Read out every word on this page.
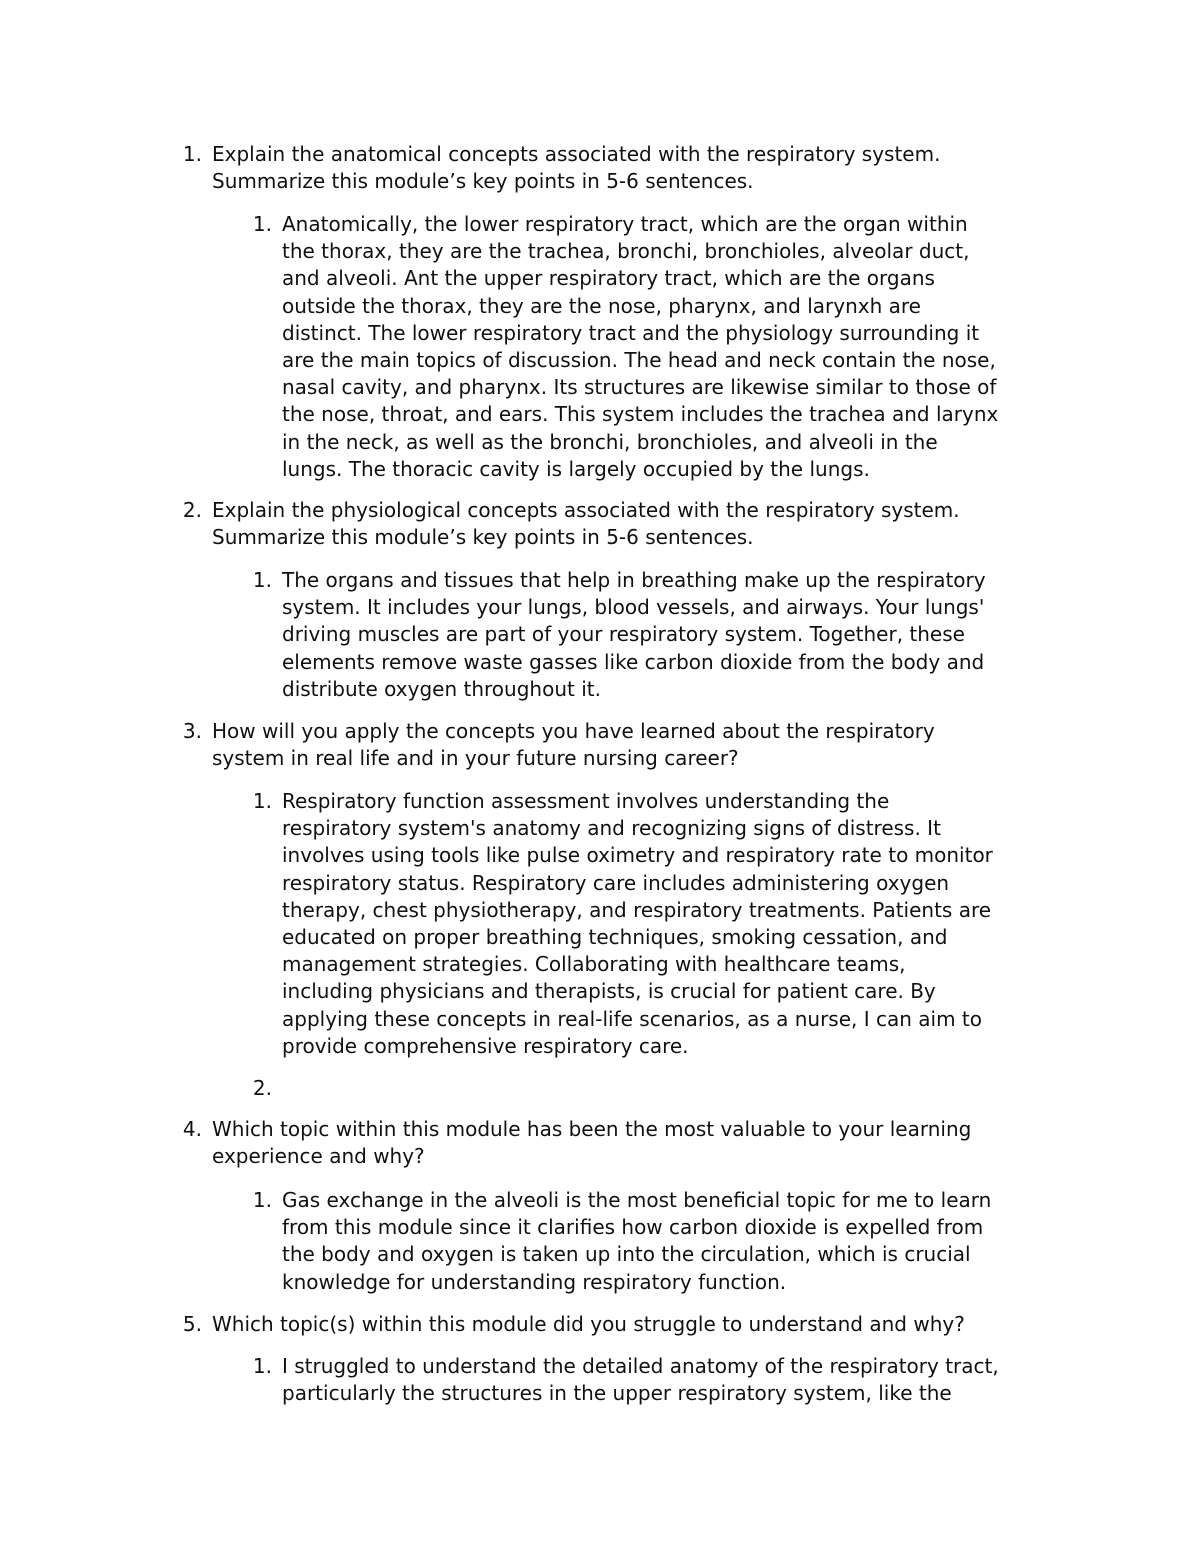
1. Explain the anatomical concepts associated with the respiratory system.
Summarize this module’s key points in 5-6 sentences.
1. Anatomically, the lower respiratory tract, which are the organ within
the thorax, they are the trachea, bronchi, bronchioles, alveolar duct,
and alveoli. Ant the upper respiratory tract, which are the organs
outside the thorax, they are the nose, pharynx, and larynxh are
distinct. The lower respiratory tract and the physiology surrounding it
are the main topics of discussion. The head and neck contain the nose,
nasal cavity, and pharynx. Its structures are likewise similar to those of
the nose, throat, and ears. This system includes the trachea and larynx
in the neck, as well as the bronchi, bronchioles, and alveoli in the
lungs. The thoracic cavity is largely occupied by the lungs.
2. Explain the physiological concepts associated with the respiratory system.
Summarize this module’s key points in 5-6 sentences.
1. The organs and tissues that help in breathing make up the respiratory
system. It includes your lungs, blood vessels, and airways. Your lungs'
driving muscles are part of your respiratory system. Together, these
elements remove waste gasses like carbon dioxide from the body and
distribute oxygen throughout it.
3. How will you apply the concepts you have learned about the respiratory
system in real life and in your future nursing career?
1. Respiratory function assessment involves understanding the
respiratory system's anatomy and recognizing signs of distress. It
involves using tools like pulse oximetry and respiratory rate to monitor
respiratory status. Respiratory care includes administering oxygen
therapy, chest physiotherapy, and respiratory treatments. Patients are
educated on proper breathing techniques, smoking cessation, and
management strategies. Collaborating with healthcare teams,
including physicians and therapists, is crucial for patient care. By
applying these concepts in real-life scenarios, as a nurse, I can aim to
provide comprehensive respiratory care.
2.
4. Which topic within this module has been the most valuable to your learning
experience and why?
1. Gas exchange in the alveoli is the most beneficial topic for me to learn
from this module since it clarifies how carbon dioxide is expelled from
the body and oxygen is taken up into the circulation, which is crucial
knowledge for understanding respiratory function.
5. Which topic(s) within this module did you struggle to understand and why?
1. I struggled to understand the detailed anatomy of the respiratory tract,
particularly the structures in the upper respiratory system, like the
